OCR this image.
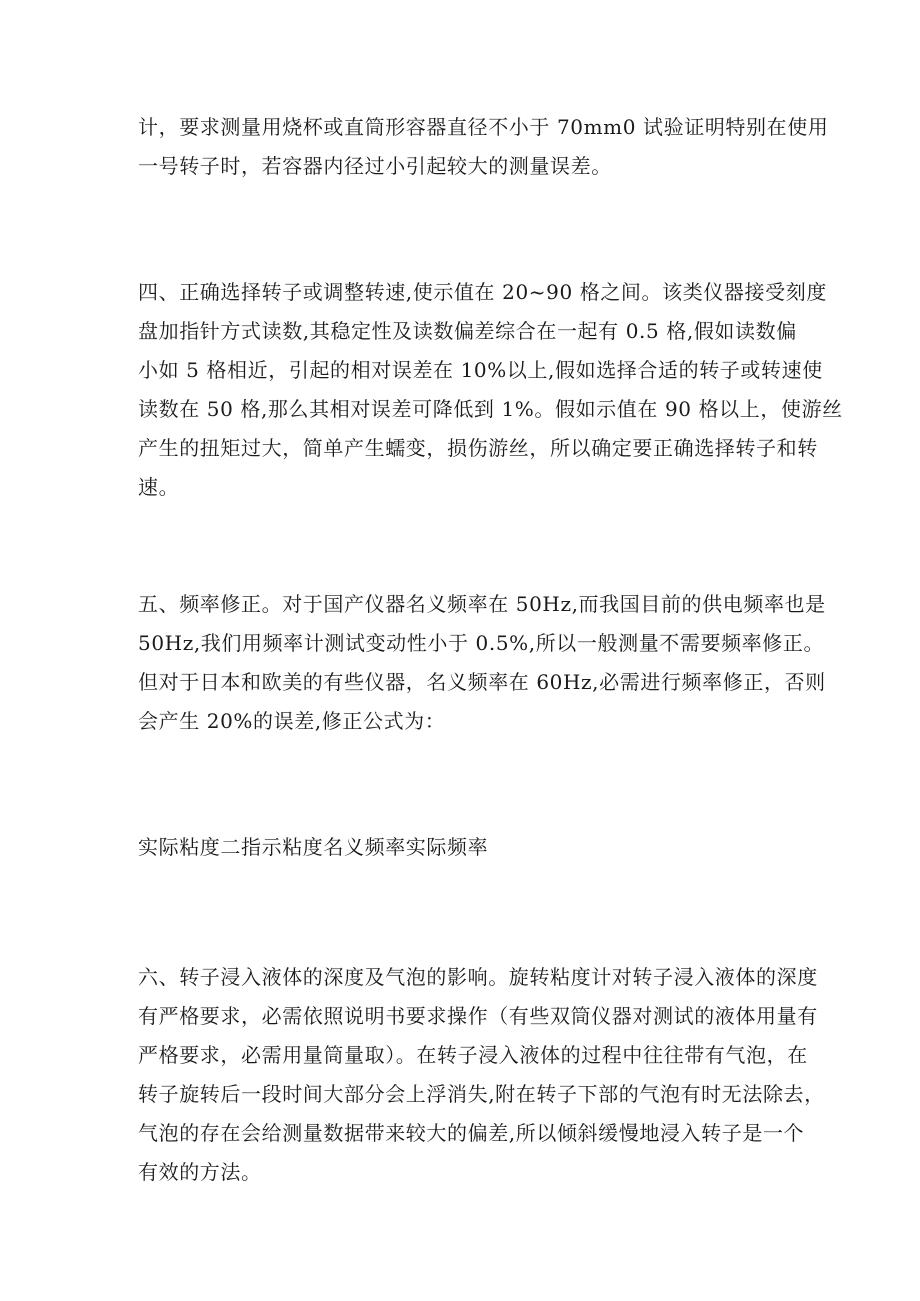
计，要求测量用烧杯或直筒形容器直径不小于 70mm0 试验证明特别在使用
一号转子时，若容器内径过小引起较大的测量误差。

四、正确选择转子或调整转速,使示值在 20~90 格之间。该类仪器接受刻度
盘加指针方式读数,其稳定性及读数偏差综合在一起有 0.5 格,假如读数偏
小如 5 格相近，引起的相对误差在 10%以上,假如选择合适的转子或转速使
读数在 50 格,那么其相对误差可降低到 1%。假如示值在 90 格以上，使游丝
产生的扭矩过大，简单产生蠕变，损伤游丝，所以确定要正确选择转子和转
速。

五、频率修正。对于国产仪器名义频率在 50Hz,而我国目前的供电频率也是
50Hz,我们用频率计测试变动性小于 0.5%,所以一般测量不需要频率修正。
但对于日本和欧美的有些仪器，名义频率在 60Hz,必需进行频率修正，否则
会产生 20%的误差,修正公式为：

实际粘度二指示粘度名义频率实际频率

六、转子浸入液体的深度及气泡的影响。旋转粘度计对转子浸入液体的深度
有严格要求，必需依照说明书要求操作（有些双筒仪器对测试的液体用量有
严格要求，必需用量筒量取）。在转子浸入液体的过程中往往带有气泡，在
转子旋转后一段时间大部分会上浮消失,附在转子下部的气泡有时无法除去，
气泡的存在会给测量数据带来较大的偏差,所以倾斜缓慢地浸入转子是一个
有效的方法。
